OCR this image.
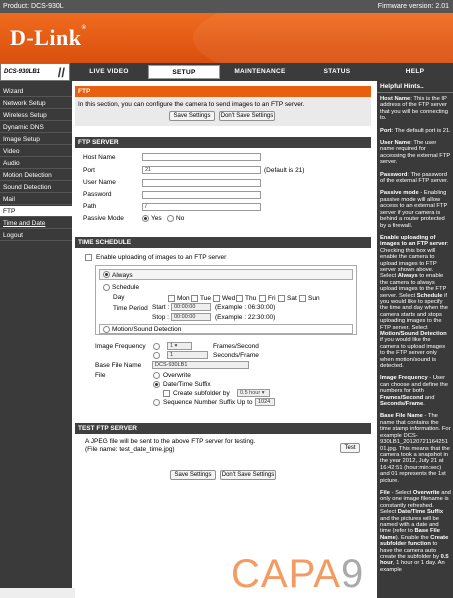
Product: DCS-930L	Firmware version: 2.01
D-Link®
DCS-930LB1 //	LIVE VIDEO	SETUP	MAINTENANCE	STATUS	HELP
Wizard
Network Setup
Wireless Setup
Dynamic DNS
Image Setup
Video
Audio
Motion Detection
Sound Detection
Mail
FTP
Time and Date
Logout
FTP
In this section, you can configure the camera to send images to an FTP server.
Save Settings	Don't Save Settings
FTP SERVER
Host Name
Port	21	(Default is 21)
User Name
Password
Path	/
Passive Mode	Yes No
TIME SCHEDULE
Enable uploading of images to an FTP server
Always
Schedule
Day	Mon Tue Wed Thu Fri Sat Sun
Time Period Start : 00:00:00	(Example : 06:30:00)
Stop : 00:00:00	(Example : 22:30:00)
Motion/Sound Detection
Image Frequency	1 ▾	Frames/Second
1	Seconds/Frame
Base File Name	DCS-930LB1
File	Overwrite
Date/Time Suffix
Create subfolder by	0.5 hour ▾
Sequence Number Suffix Up to	1024
TEST FTP SERVER
A JPEG file will be sent to the above FTP server for testing.
(File name: test_date_time.jpg)	Test
Save Settings	Don't Save Settings
Helpful Hints..

Host Name: This is the IP address of the FTP server that you will be connecting to.

Port: The default port is 21.

User Name: The user name required for accessing the external FTP server.

Password: The password of the external FTP server.

Passive mode - Enabling passive mode will allow access to an external FTP server if your camera is behind a router protected by a firewall.

Enable uploading of images to an FTP server: Checking this box will enable the camera to upload images to FTP server shown above. Select Always to enable the camera to always upload images to the FTP server. Select Schedule if you would like to specify the time and day when the camera starts and stops uploading images to the FTP server. Select Motion/Sound Detection if you would like the camera to upload images to the FTP server only when motion/sound is detected.

Image Frequency - User can choose and define the numbers for both Frames/Second and Seconds/Frame.

Base File Name - The name that contains the time stamp information. For example DCS-930LB1_20120721164251 01.jpg. This means that the camera took a snapshot in the year 2012, July 21 at 16:42:51 (hour:min:sec) and 01 represents the 1st picture.

File - Select Overwrite and only one image filename is constantly refreshed. Select Date/Time Suffix and the pictures will be named with a date and time (refer to Base File Name). Enable the Create subfolder function to have the camera auto create the subfolder by 0.5 hour, 1 hour or 1 day. An example

CAPA9
